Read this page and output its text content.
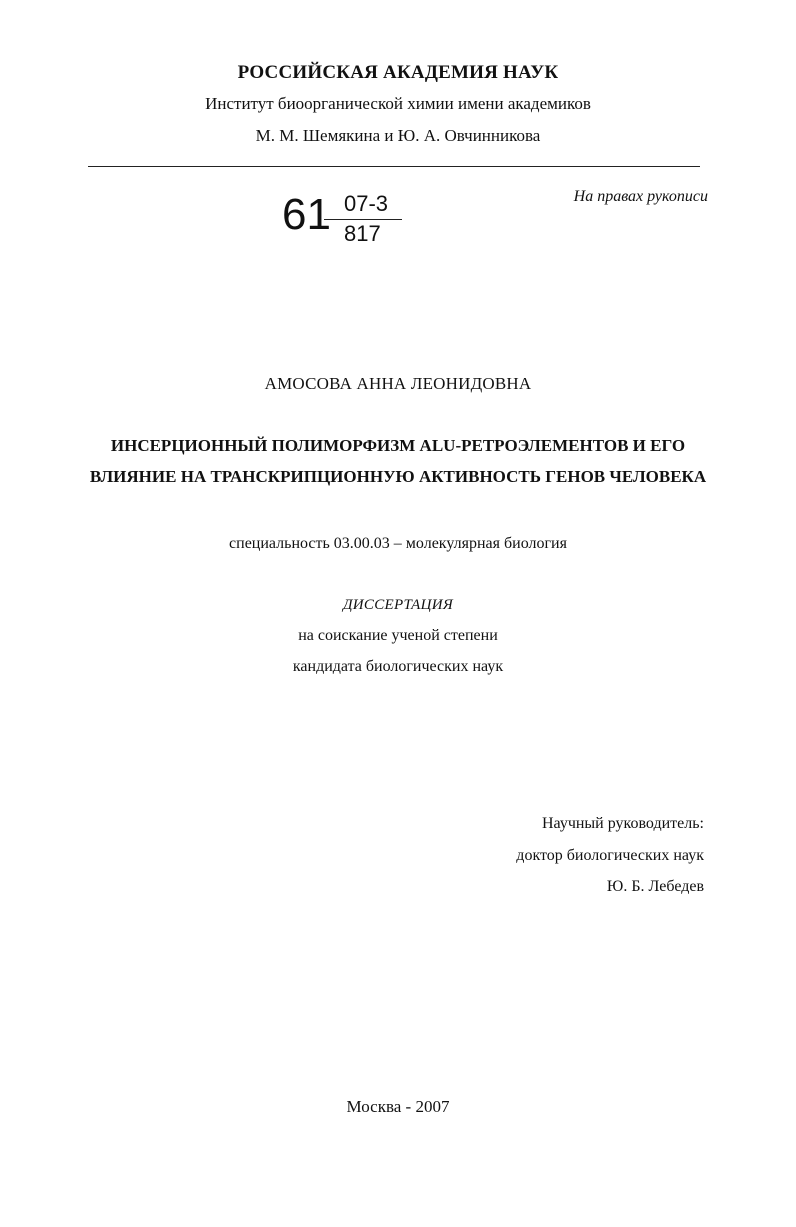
РОССИЙСКАЯ АКАДЕМИЯ НАУК
Институт биоорганической химии имени академиков
М. М. Шемякина и Ю. А. Овчинникова
61 07-3
817
На правах рукописи
АМОСОВА АННА ЛЕОНИДОВНА
ИНСЕРЦИОННЫЙ ПОЛИМОРФИЗМ ALU-РЕТРОЭЛЕМЕНТОВ И ЕГО
ВЛИЯНИЕ НА ТРАНСКРИПЦИОННУЮ АКТИВНОСТЬ ГЕНОВ ЧЕЛОВЕКА
специальность 03.00.03 – молекулярная биология
ДИССЕРТАЦИЯ
на соискание ученой степени
кандидата биологических наук
Научный руководитель:
доктор биологических наук
Ю. Б. Лебедев
Москва - 2007
